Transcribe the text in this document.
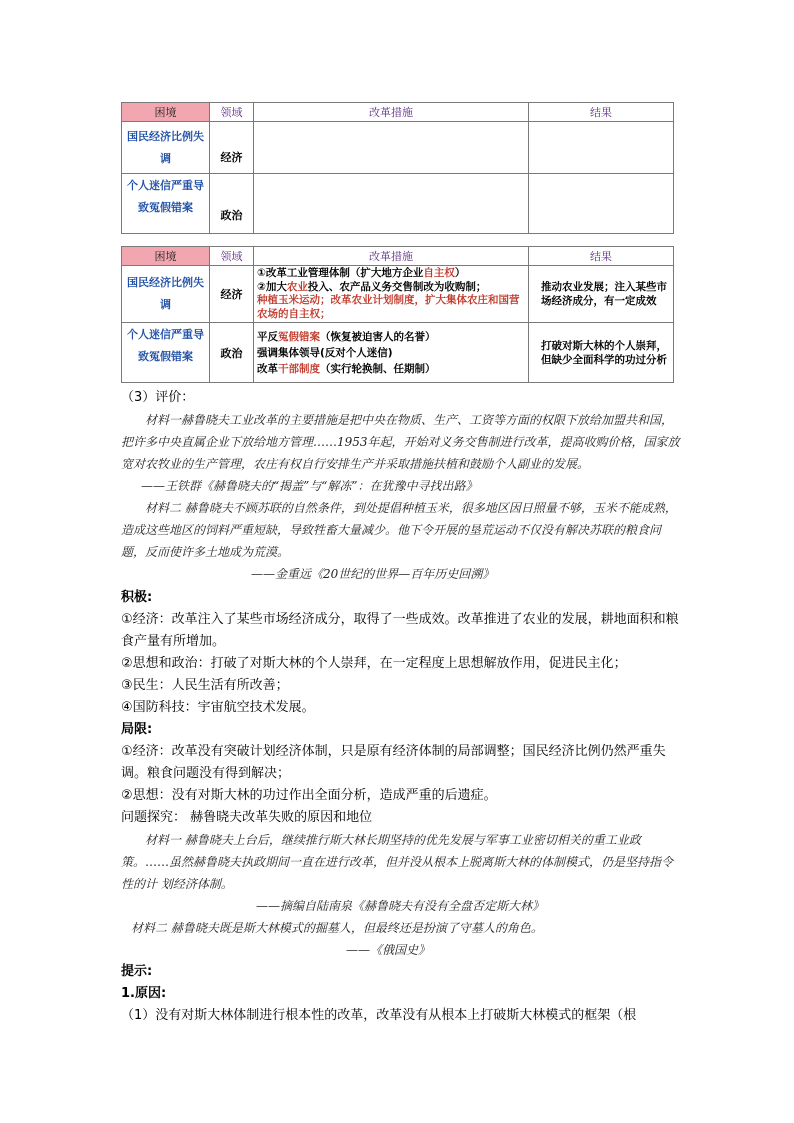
困境	领域	改革措施	结果
国民经济比例失调	经济		
个人迷信严重导致冤假错案	政治		
困境	领域	改革措施	结果
国民经济比例失调	经济	①改革工业管理体制（扩大地方企业自主权）
②加大农业投入、农产品义务交售制改为收购制；
种植玉米运动；改革农业计划制度，扩大集体农庄和国营农场的自主权；	推动农业发展；注入某些市场经济成分，有一定成效
个人迷信严重导致冤假错案	政治	平反冤假错案（恢复被迫害人的名誉）
强调集体领导(反对个人迷信)
改革干部制度（实行轮换制、任期制）	打破对斯大林的个人崇拜，但缺少全面科学的功过分析

（3）评价：

材料一赫鲁晓夫工业改革的主要措施是把中央在物质、生产、工资等方面的权限下放给加盟共和国，把许多中央直属企业下放给地方管理……1953年起，开始对义务交售制进行改革，提高收购价格，国家放宽对农牧业的生产管理，农庄有权自行安排生产并采取措施扶植和鼓励个人副业的发展。

——王铁群《赫鲁晓夫的“揭盖”与“解冻”：在犹豫中寻找出路》

材料二 赫鲁晓夫不顾苏联的自然条件，到处提倡种植玉米，很多地区因日照量不够，玉米不能成熟，造成这些地区的饲料严重短缺，导致牲畜大量减少。他下令开展的垦荒运动不仅没有解决苏联的粮食问题，反而使许多土地成为荒漠。

——金重远《20世纪的世界—百年历史回溯》

积极:

①经济：改革注入了某些市场经济成分，取得了一些成效。改革推进了农业的发展，耕地面积和粮食产量有所增加。

②思想和政治：打破了对斯大林的个人崇拜，在一定程度上思想解放作用，促进民主化；

③民生：人民生活有所改善；

④国防科技：宇宙航空技术发展。

局限:

①经济：改革没有突破计划经济体制，只是原有经济体制的局部调整；国民经济比例仍然严重失调。粮食问题没有得到解决；

②思想：没有对斯大林的功过作出全面分析，造成严重的后遗症。

问题探究： 赫鲁晓夫改革失败的原因和地位

材料一 赫鲁晓夫上台后，继续推行斯大林长期坚持的优先发展与军事工业密切相关的重工业政策。……虽然赫鲁晓夫执政期间一直在进行改革，但并没从根本上脱离斯大林的体制模式，仍是坚持指令性的计 划经济体制。

——摘编自陆南泉《赫鲁晓夫有没有全盘否定斯大林》

材料二 赫鲁晓夫既是斯大林模式的掘墓人，但最终还是扮演了守墓人的角色。

——《俄国史》

提示:

1.原因:

（1）没有对斯大林体制进行根本性的改革，改革没有从根本上打破斯大林模式的框架（根
